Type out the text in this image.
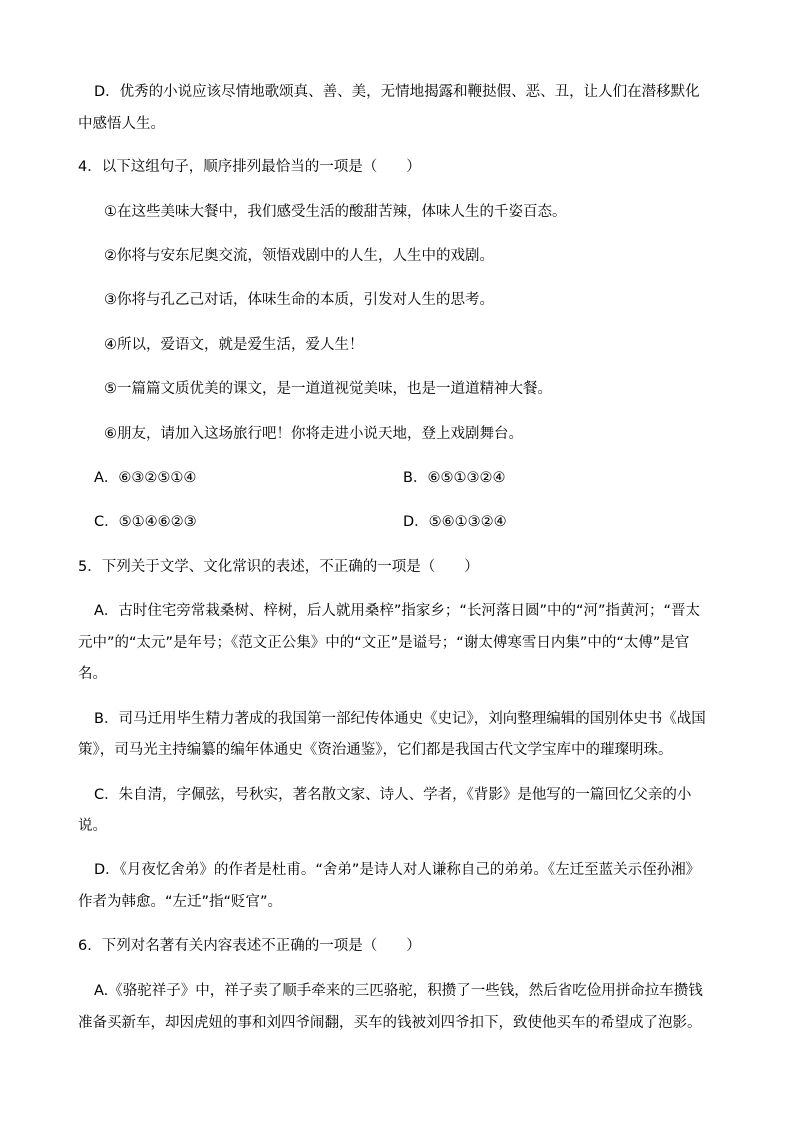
D．优秀的小说应该尽情地歌颂真、善、美，无情地揭露和鞭挞假、恶、丑，让人们在潜移默化
中感悟人生。
4．以下这组句子，顺序排列最恰当的一项是（　　）
①在这些美味大餐中，我们感受生活的酸甜苦辣，体味人生的千姿百态。
②你将与安东尼奥交流，领悟戏剧中的人生，人生中的戏剧。
③你将与孔乙己对话，体味生命的本质，引发对人生的思考。
④所以，爱语文，就是爱生活，爱人生！
⑤一篇篇文质优美的课文，是一道道视觉美味，也是一道道精神大餐。
⑥朋友，请加入这场旅行吧！你将走进小说天地，登上戏剧舞台。
A．⑥③②⑤①④	B．⑥⑤①③②④
C．⑤①④⑥②③	D．⑤⑥①③②④
5．下列关于文学、文化常识的表述，不正确的一项是（　　）
A．古时住宅旁常栽桑树、梓树，后人就用桑梓”指家乡；“长河落日圆”中的“河”指黄河；“晋太
元中”的“太元”是年号；《范文正公集》中的“文正”是谥号；“谢太傅寒雪日内集”中的“太傅”是官
名。
B．司马迁用毕生精力著成的我国第一部纪传体通史《史记》，刘向整理编辑的国别体史书《战国
策》，司马光主持编纂的编年体通史《资治通鉴》，它们都是我国古代文学宝库中的璀璨明珠。
C．朱自清，字佩弦，号秋实，著名散文家、诗人、学者，《背影》是他写的一篇回忆父亲的小
说。
D．《月夜忆舍弟》的作者是杜甫。“舍弟”是诗人对人谦称自己的弟弟。《左迁至蓝关示侄孙湘》
作者为韩愈。“左迁”指“贬官”。
6．下列对名著有关内容表述不正确的一项是（　　）
A.《骆驼祥子》中，祥子卖了顺手牵来的三匹骆驼，积攒了一些钱，然后省吃俭用拼命拉车攒钱
准备买新车，却因虎妞的事和刘四爷闹翻，买车的钱被刘四爷扣下，致使他买车的希望成了泡影。
